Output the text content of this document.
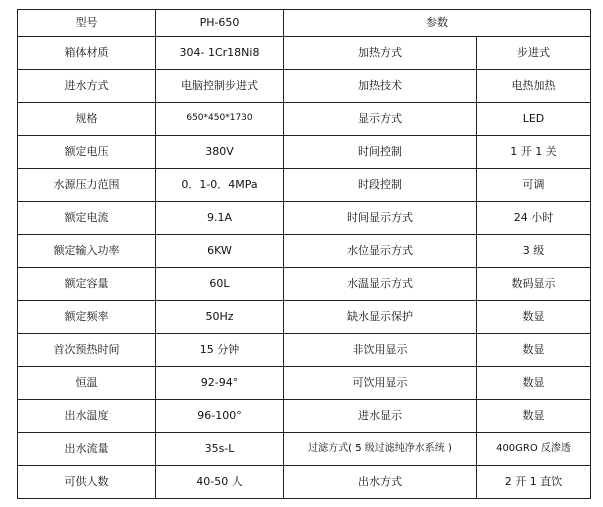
型号	PH-650	参数	
箱体材质	304- 1Cr18Ni8	加热方式	步进式
进水方式	电脑控制步进式	加热技术	电热加热
规格	650*450*1730	显示方式	LED
额定电压	380V	时间控制	1 开 1 关
水源压力范围	0．1-0．4MPa	时段控制	可调
额定电流	9.1A	时间显示方式	24 小时
额定输入功率	6KW	水位显示方式	3 级
额定容量	60L	水温显示方式	数码显示
额定频率	50Hz	缺水显示保护	数显
首次预热时间	15 分钟	非饮用显示	数显
恒温	92-94°	可饮用显示	数显
出水温度	96-100°	进水显示	数显
出水流量	35s-L	过滤方式( 5 级过滤纯净水系统 )	400GRO 反渗透
可供人数	40-50 人	出水方式	2 开 1 直饮
